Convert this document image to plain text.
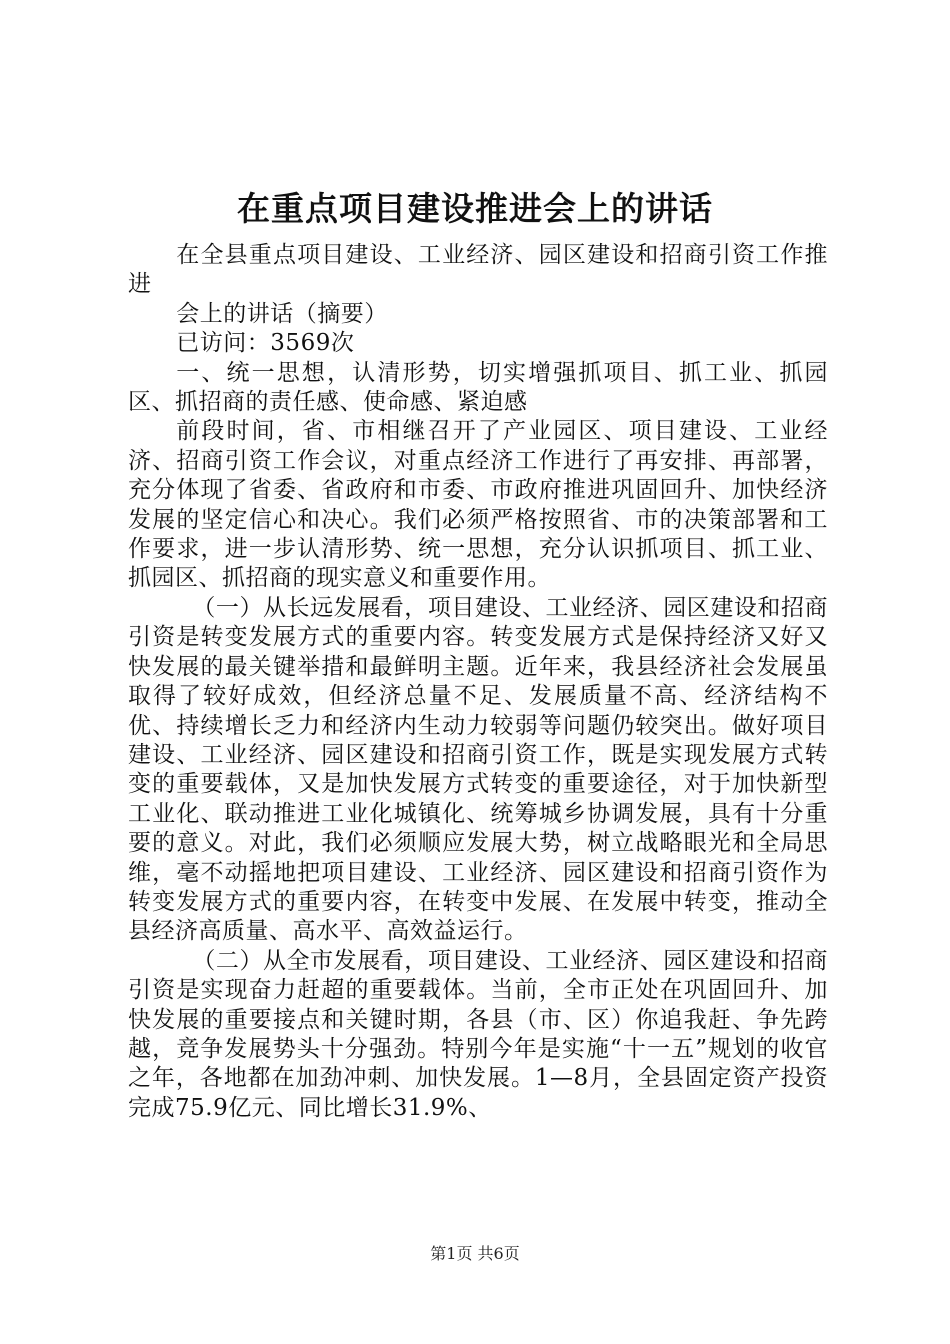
在重点项目建设推进会上的讲话

在全县重点项目建设、工业经济、园区建设和招商引资工作推进

会上的讲话（摘要）

已访问：3569次

一、统一思想，认清形势，切实增强抓项目、抓工业、抓园区、抓招商的责任感、使命感、紧迫感

前段时间，省、市相继召开了产业园区、项目建设、工业经济、招商引资工作会议，对重点经济工作进行了再安排、再部署，充分体现了省委、省政府和市委、市政府推进巩固回升、加快经济发展的坚定信心和决心。我们必须严格按照省、市的决策部署和工作要求，进一步认清形势、统一思想，充分认识抓项目、抓工业、抓园区、抓招商的现实意义和重要作用。

（一）从长远发展看，项目建设、工业经济、园区建设和招商引资是转变发展方式的重要内容。转变发展方式是保持经济又好又快发展的最关键举措和最鲜明主题。近年来，我县经济社会发展虽取得了较好成效，但经济总量不足、发展质量不高、经济结构不优、持续增长乏力和经济内生动力较弱等问题仍较突出。做好项目建设、工业经济、园区建设和招商引资工作，既是实现发展方式转变的重要载体，又是加快发展方式转变的重要途径，对于加快新型工业化、联动推进工业化城镇化、统筹城乡协调发展，具有十分重要的意义。对此，我们必须顺应发展大势，树立战略眼光和全局思维，毫不动摇地把项目建设、工业经济、园区建设和招商引资作为转变发展方式的重要内容，在转变中发展、在发展中转变，推动全县经济高质量、高水平、高效益运行。

（二）从全市发展看，项目建设、工业经济、园区建设和招商引资是实现奋力赶超的重要载体。当前，全市正处在巩固回升、加快发展的重要接点和关键时期，各县（市、区）你追我赶、争先跨越，竞争发展势头十分强劲。特别今年是实施“十一五”规划的收官之年，各地都在加劲冲刺、加快发展。1—8月，全县固定资产投资完成75.9亿元、同比增长31.9%、

第1页 共6页
